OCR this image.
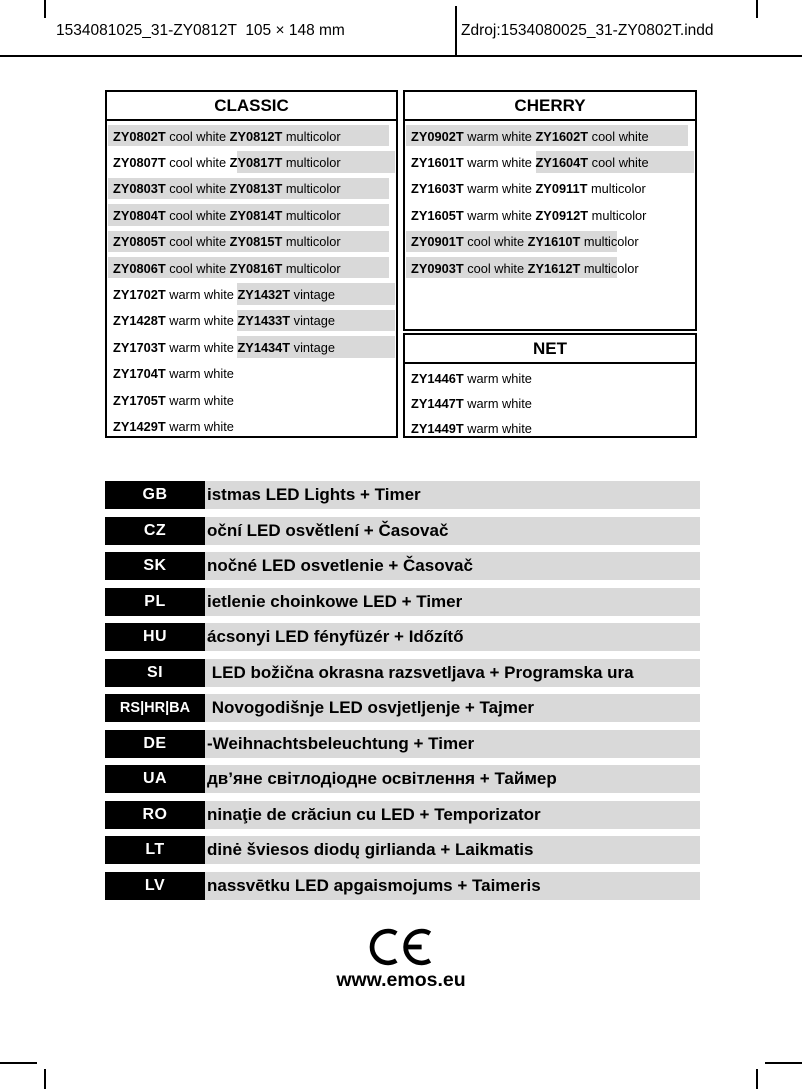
1534081025_31-ZY0812T  105 × 148 mm	Zdroj:1534080025_31-ZY0802T.indd
CLASSIC
ZY0802T cool white ZY0812T multicolor
ZY0807T cool white ZY0817T multicolor
ZY0803T cool white ZY0813T multicolor
ZY0804T cool white ZY0814T multicolor
ZY0805T cool white ZY0815T multicolor
ZY0806T cool white ZY0816T multicolor
ZY1702T warm white ZY1432T vintage
ZY1428T warm white ZY1433T vintage
ZY1703T warm white ZY1434T vintage
ZY1704T warm white
ZY1705T warm white
ZY1429T warm white
CHERRY
ZY0902T warm white ZY1602T cool white
ZY1601T warm white ZY1604T cool white
ZY1603T warm white ZY0911T multicolor
ZY1605T warm white ZY0912T multicolor
ZY0901T cool white ZY1610T multicolor
ZY0903T cool white ZY1612T multicolor
NET
ZY1446T warm white
ZY1447T warm white
ZY1449T warm white
GB	istmas LED Lights + Timer
CZ	oční LED osvětlení + Časovač
SK	nočné LED osvetlenie + Časovač
PL	ietlenie choinkowe LED + Timer
HU	ácsonyi LED fényfüzér + Időzítő
SI	LED božična okrasna razsvetljava + Programska ura
RS|HR|BA Novogodišnje LED osvjetljenje + Tajmer
DE	-Weihnachtsbeleuchtung + Timer
UA	дв’яне світлодіодне освітлення + Таймер
RO	ninaţie de crăciun cu LED + Temporizator
LT	dinė šviesos diodų girlianda + Laikmatis
LV	nassvētku LED apgaismojums + Taimeris
www.emos.eu
